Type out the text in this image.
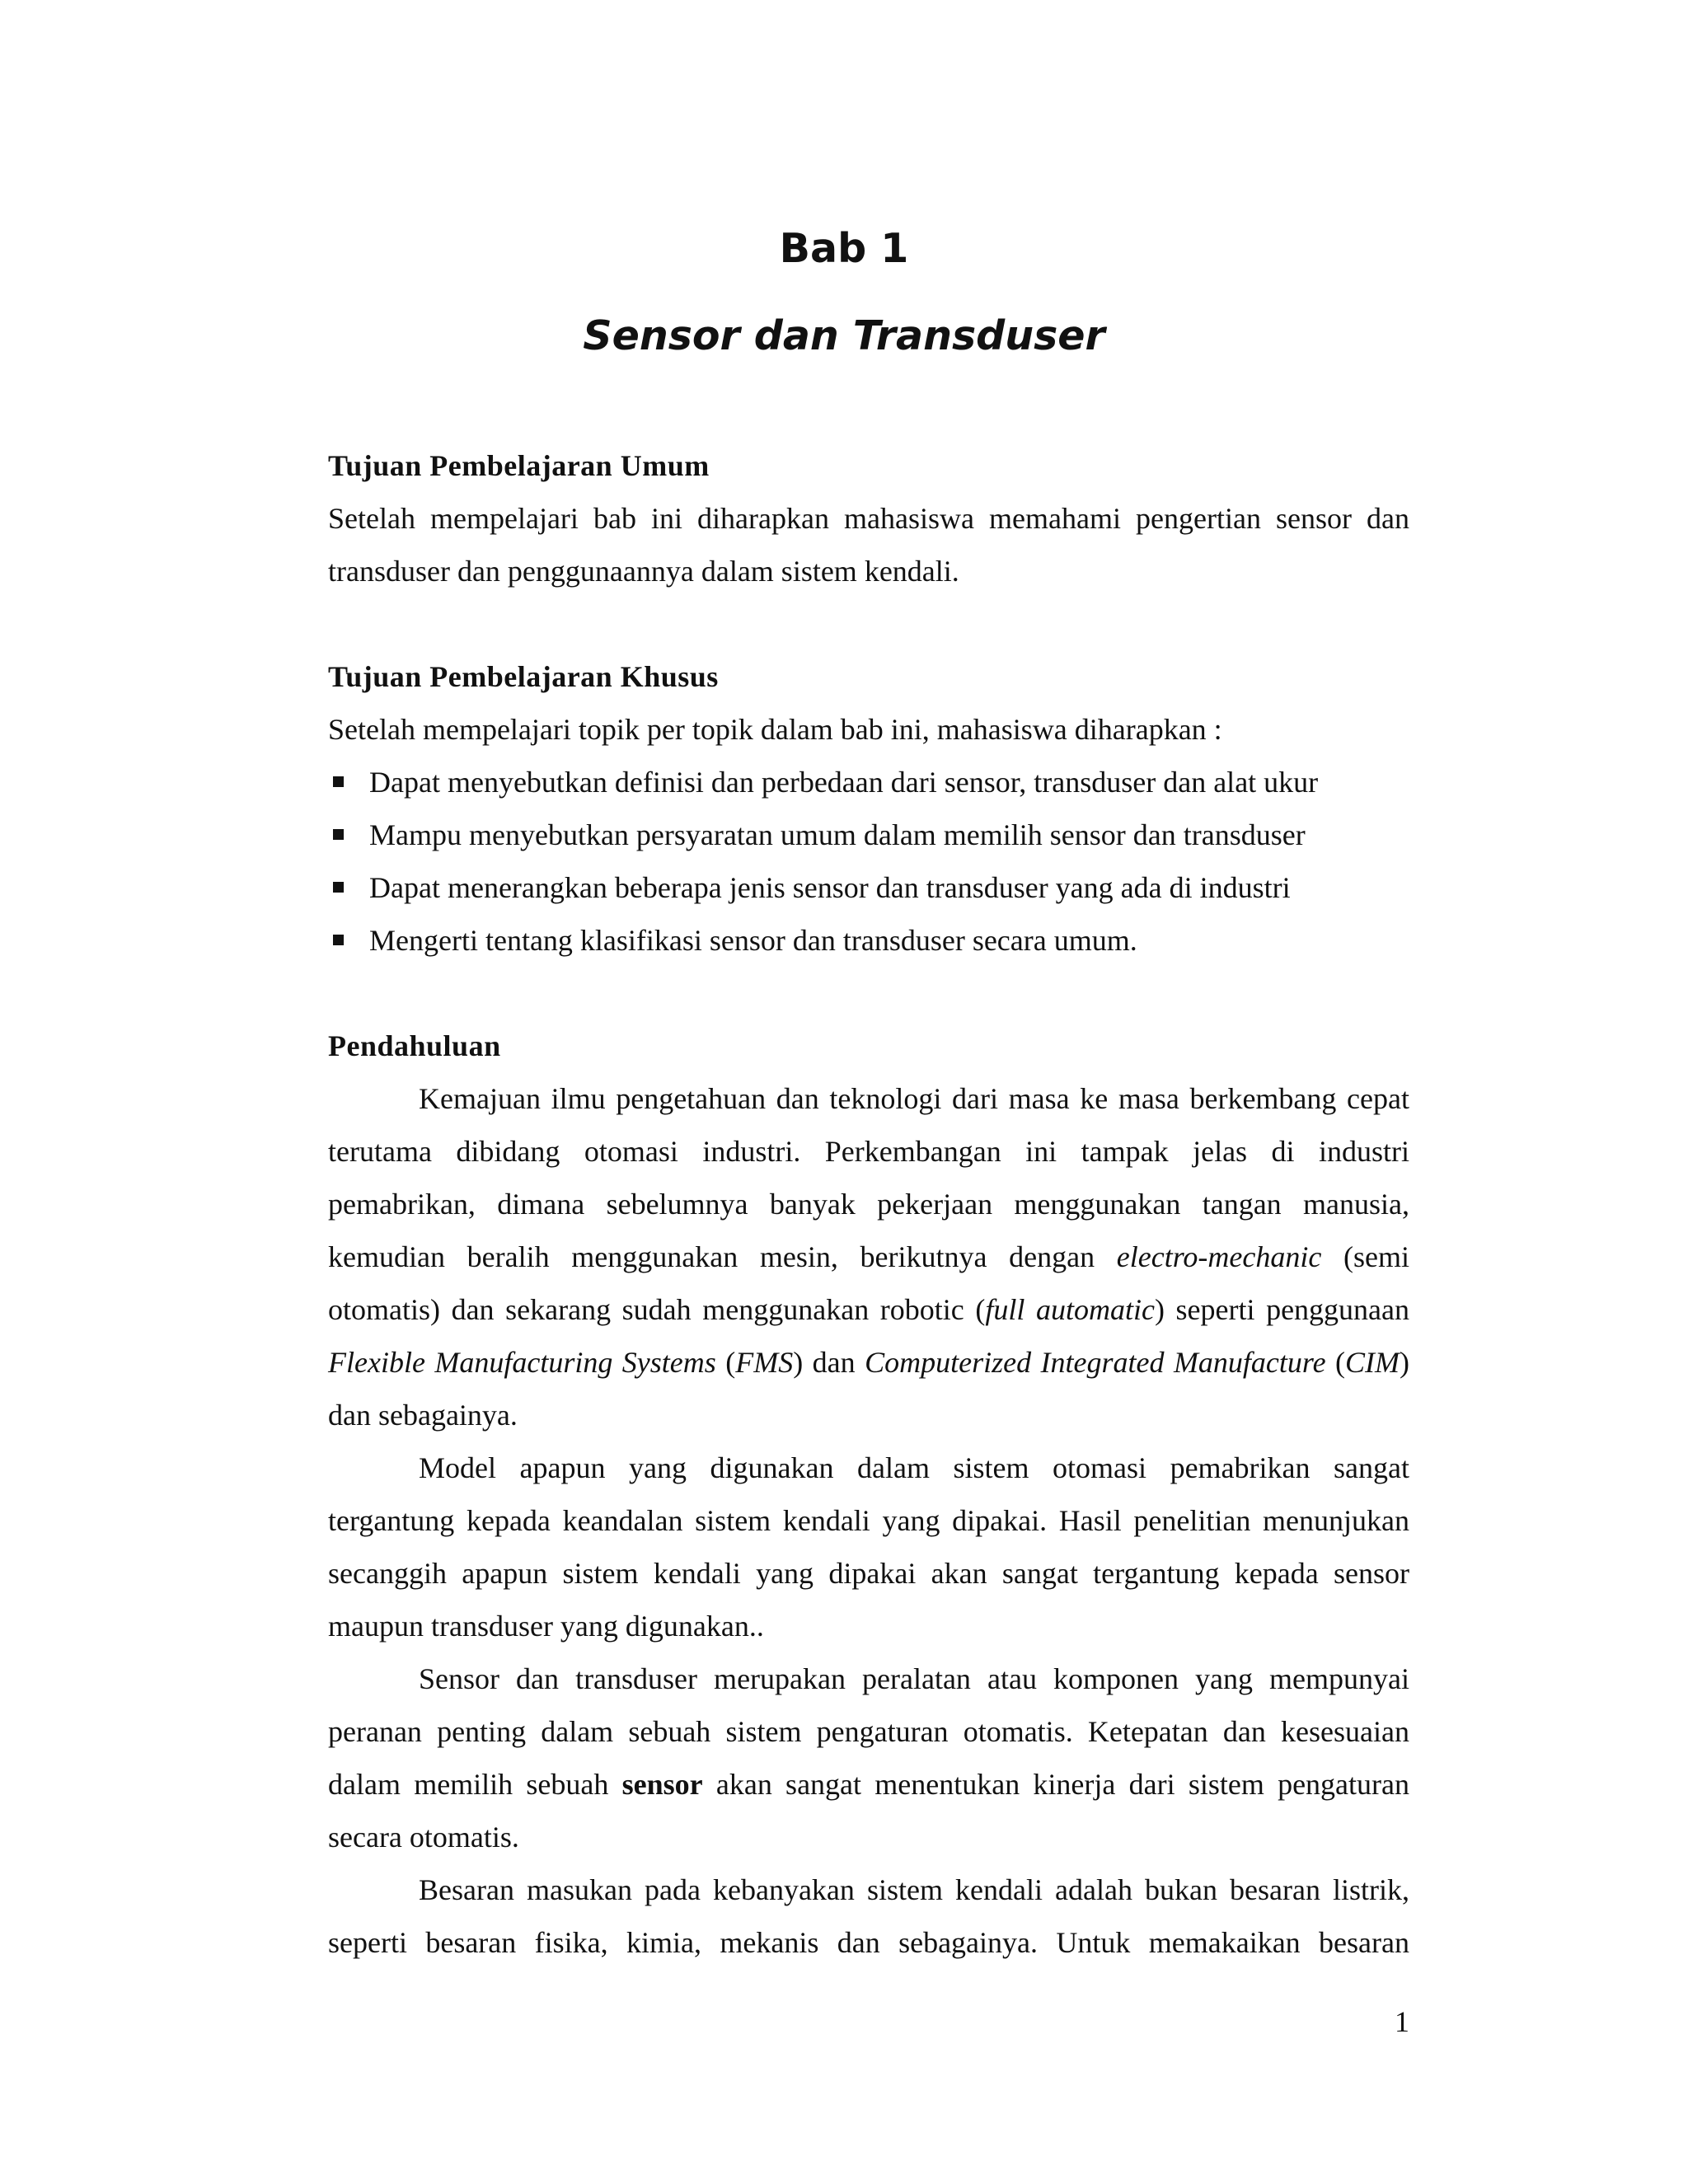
Bab 1
Sensor dan Transduser

Tujuan Pembelajaran Umum

Setelah mempelajari bab ini diharapkan mahasiswa memahami pengertian sensor dan transduser dan penggunaannya dalam sistem kendali.

Tujuan Pembelajaran Khusus

Setelah mempelajari topik per topik dalam bab ini, mahasiswa diharapkan :

Dapat menyebutkan definisi dan perbedaan dari sensor, transduser dan alat ukur
Mampu menyebutkan persyaratan umum dalam memilih sensor dan transduser
Dapat menerangkan beberapa jenis sensor dan transduser yang ada di industri
Mengerti tentang klasifikasi sensor dan transduser secara umum.

Pendahuluan

Kemajuan ilmu pengetahuan dan teknologi dari masa ke masa berkembang cepat terutama dibidang otomasi industri. Perkembangan ini tampak jelas di industri pemabrikan, dimana sebelumnya banyak pekerjaan menggunakan tangan manusia, kemudian beralih menggunakan mesin, berikutnya dengan electro-mechanic (semi otomatis) dan sekarang sudah menggunakan robotic (full automatic) seperti penggunaan Flexible Manufacturing Systems (FMS) dan Computerized Integrated Manufacture (CIM) dan sebagainya.

Model apapun yang digunakan dalam sistem otomasi pemabrikan sangat tergantung kepada keandalan sistem kendali yang dipakai. Hasil penelitian menunjukan secanggih apapun sistem kendali yang dipakai akan sangat tergantung kepada sensor maupun transduser yang digunakan..

Sensor dan transduser merupakan peralatan atau komponen yang mempunyai peranan penting dalam sebuah sistem pengaturan otomatis. Ketepatan dan kesesuaian dalam memilih sebuah sensor akan sangat menentukan kinerja dari sistem pengaturan secara otomatis.

Besaran masukan pada kebanyakan sistem kendali adalah bukan besaran listrik, seperti besaran fisika, kimia, mekanis dan sebagainya. Untuk memakaikan besaran

1
